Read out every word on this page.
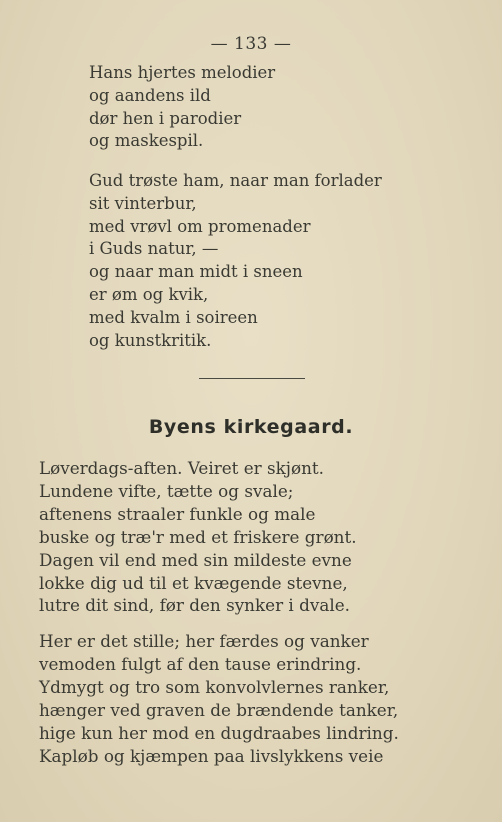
— 133 —
Hans hjertes melodier
og aandens ild
dør hen i parodier
og maskespil.
Gud trøste ham, naar man forlader
sit vinterbur,
med vrøvl om promenader
i Guds natur, —
og naar man midt i sneen
er øm og kvik,
med kvalm i soireen
og kunstkritik.
Byens kirkegaard.
Løverdags-aften. Veiret er skjønt.
Lundene vifte, tætte og svale;
aftenens straaler funkle og male
buske og træ'r med et friskere grønt.
Dagen vil end med sin mildeste evne
lokke dig ud til et kvægende stevne,
lutre dit sind, før den synker i dvale.
Her er det stille; her færdes og vanker
vemoden fulgt af den tause erindring.
Ydmygt og tro som konvolvlernes ranker,
hænger ved graven de brændende tanker,
hige kun her mod en dugdraabes lindring.
Kapløb og kjæmpen paa livslykkens veie
